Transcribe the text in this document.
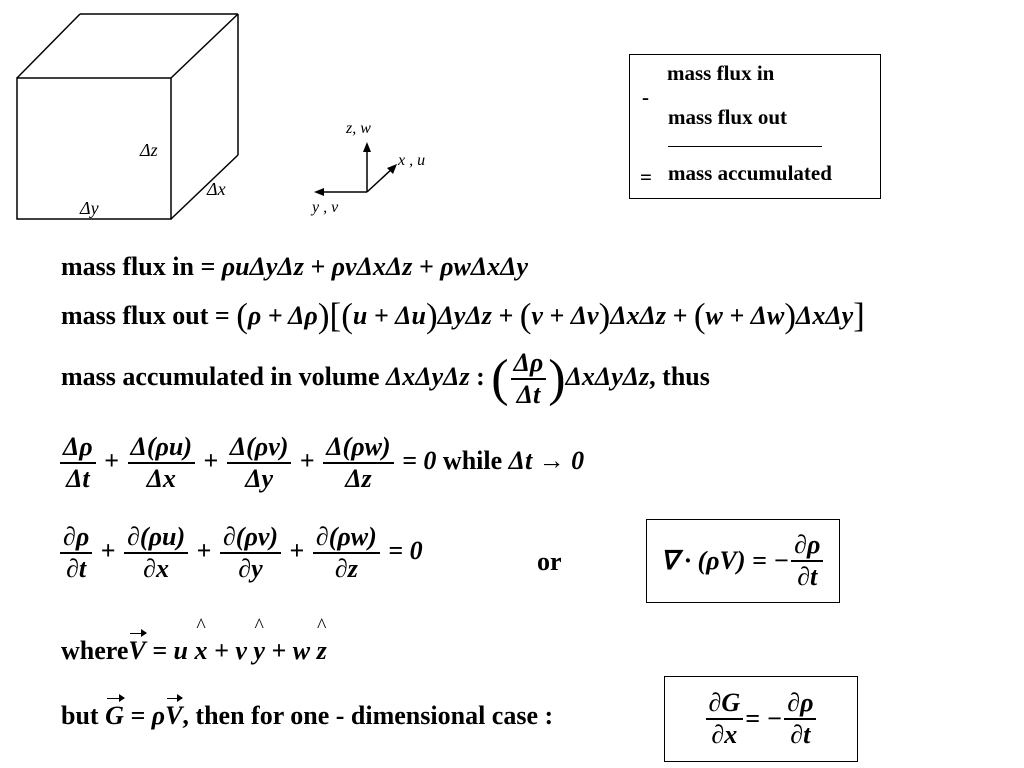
Δz
Δx
Δy
z, w
x , u
y , v
mass flux in
-
mass flux out
= mass accumulated
mass flux in = ρuΔyΔz + ρvΔxΔz + ρwΔxΔy
mass flux out = (ρ + Δρ)[(u + Δu)ΔyΔz + (v + Δv)ΔxΔz + (w + Δw)ΔxΔy]
mass accumulated in volume ΔxΔyΔz : ( $\frac{\Delta\rho}{\Delta t} )\Delta x\Delta y\Delta z$, thus
$\frac{\Delta\rho}{\Delta t} + \frac{\Delta(\rho u)}{\Delta x} + \frac{\Delta(\rho v)}{\Delta y} + \frac{\Delta(\rho w)}{\Delta z} = 0$ while Δt → 0
$\frac{\partial\rho}{\partial t} + \frac{\partial(\rho u)}{\partial x} + \frac{\partial(\rho v)}{\partial y} + \frac{\partial(\rho w)}{\partial z} = 0$	or	∇ · (ρV) = − $\frac{\partial\rho}{\partial t}$
whereV = u ^ x + v ^ y + w ^ z
but G = ρV, then for one - dimensional case :	$\frac{\partial G}{\partial x}$ = − $\frac{\partial\rho}{\partial t}$
